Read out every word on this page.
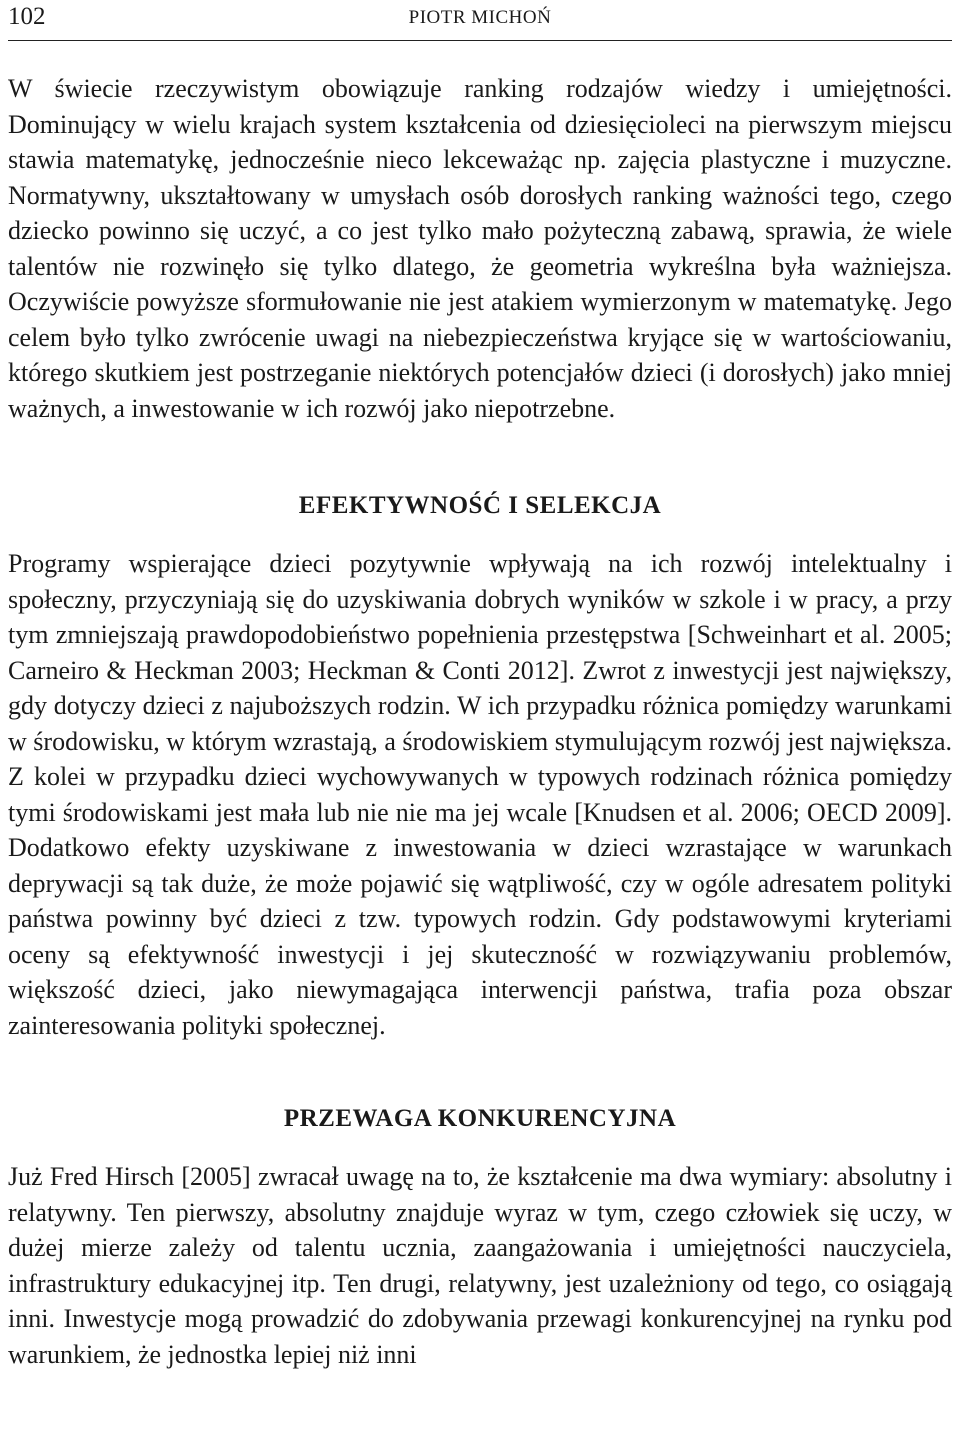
102	PIOTR MICHOŃ

W świecie rzeczywistym obowiązuje ranking rodzajów wiedzy i umiejętności. Dominujący w wielu krajach system kształcenia od dziesięcioleci na pierwszym miejscu stawia matematykę, jednocześnie nieco lekceważąc np. zajęcia plastyczne i muzyczne. Normatywny, ukształtowany w umysłach osób dorosłych ranking ważności tego, czego dziecko powinno się uczyć, a co jest tylko mało pożyteczną zabawą, sprawia, że wiele talentów nie rozwinęło się tylko dlatego, że geometria wykreślna była ważniejsza. Oczywiście powyższe sformułowanie nie jest atakiem wymierzonym w matematykę. Jego celem było tylko zwrócenie uwagi na niebezpieczeństwa kryjące się w wartościowaniu, którego skutkiem jest postrzeganie niektórych potencjałów dzieci (i dorosłych) jako mniej ważnych, a inwestowanie w ich rozwój jako niepotrzebne.

EFEKTYWNOŚĆ I SELEKCJA

Programy wspierające dzieci pozytywnie wpływają na ich rozwój intelektualny i społeczny, przyczyniają się do uzyskiwania dobrych wyników w szkole i w pracy, a przy tym zmniejszają prawdopodobieństwo popełnienia przestępstwa [Schweinhart et al. 2005; Carneiro & Heckman 2003; Heckman & Conti 2012]. Zwrot z inwestycji jest największy, gdy dotyczy dzieci z najuboższych rodzin. W ich przypadku różnica pomiędzy warunkami w środowisku, w którym wzrastają, a środowiskiem stymulującym rozwój jest największa. Z kolei w przypadku dzieci wychowywanych w typowych rodzinach różnica pomiędzy tymi środowiskami jest mała lub nie nie ma jej wcale [Knudsen et al. 2006; OECD 2009]. Dodatkowo efekty uzyskiwane z inwestowania w dzieci wzrastające w warunkach deprywacji są tak duże, że może pojawić się wątpliwość, czy w ogóle adresatem polityki państwa powinny być dzieci z tzw. typowych rodzin. Gdy podstawowymi kryteriami oceny są efektywność inwestycji i jej skuteczność w rozwiązywaniu problemów, większość dzieci, jako niewymagająca interwencji państwa, trafia poza obszar zainteresowania polityki społecznej.

PRZEWAGA KONKURENCYJNA

Już Fred Hirsch [2005] zwracał uwagę na to, że kształcenie ma dwa wymiary: absolutny i relatywny. Ten pierwszy, absolutny znajduje wyraz w tym, czego człowiek się uczy, w dużej mierze zależy od talentu ucznia, zaangażowania i umiejętności nauczyciela, infrastruktury edukacyjnej itp. Ten drugi, relatywny, jest uzależniony od tego, co osiągają inni. Inwestycje mogą prowadzić do zdobywania przewagi konkurencyjnej na rynku pod warunkiem, że jednostka lepiej niż inni
